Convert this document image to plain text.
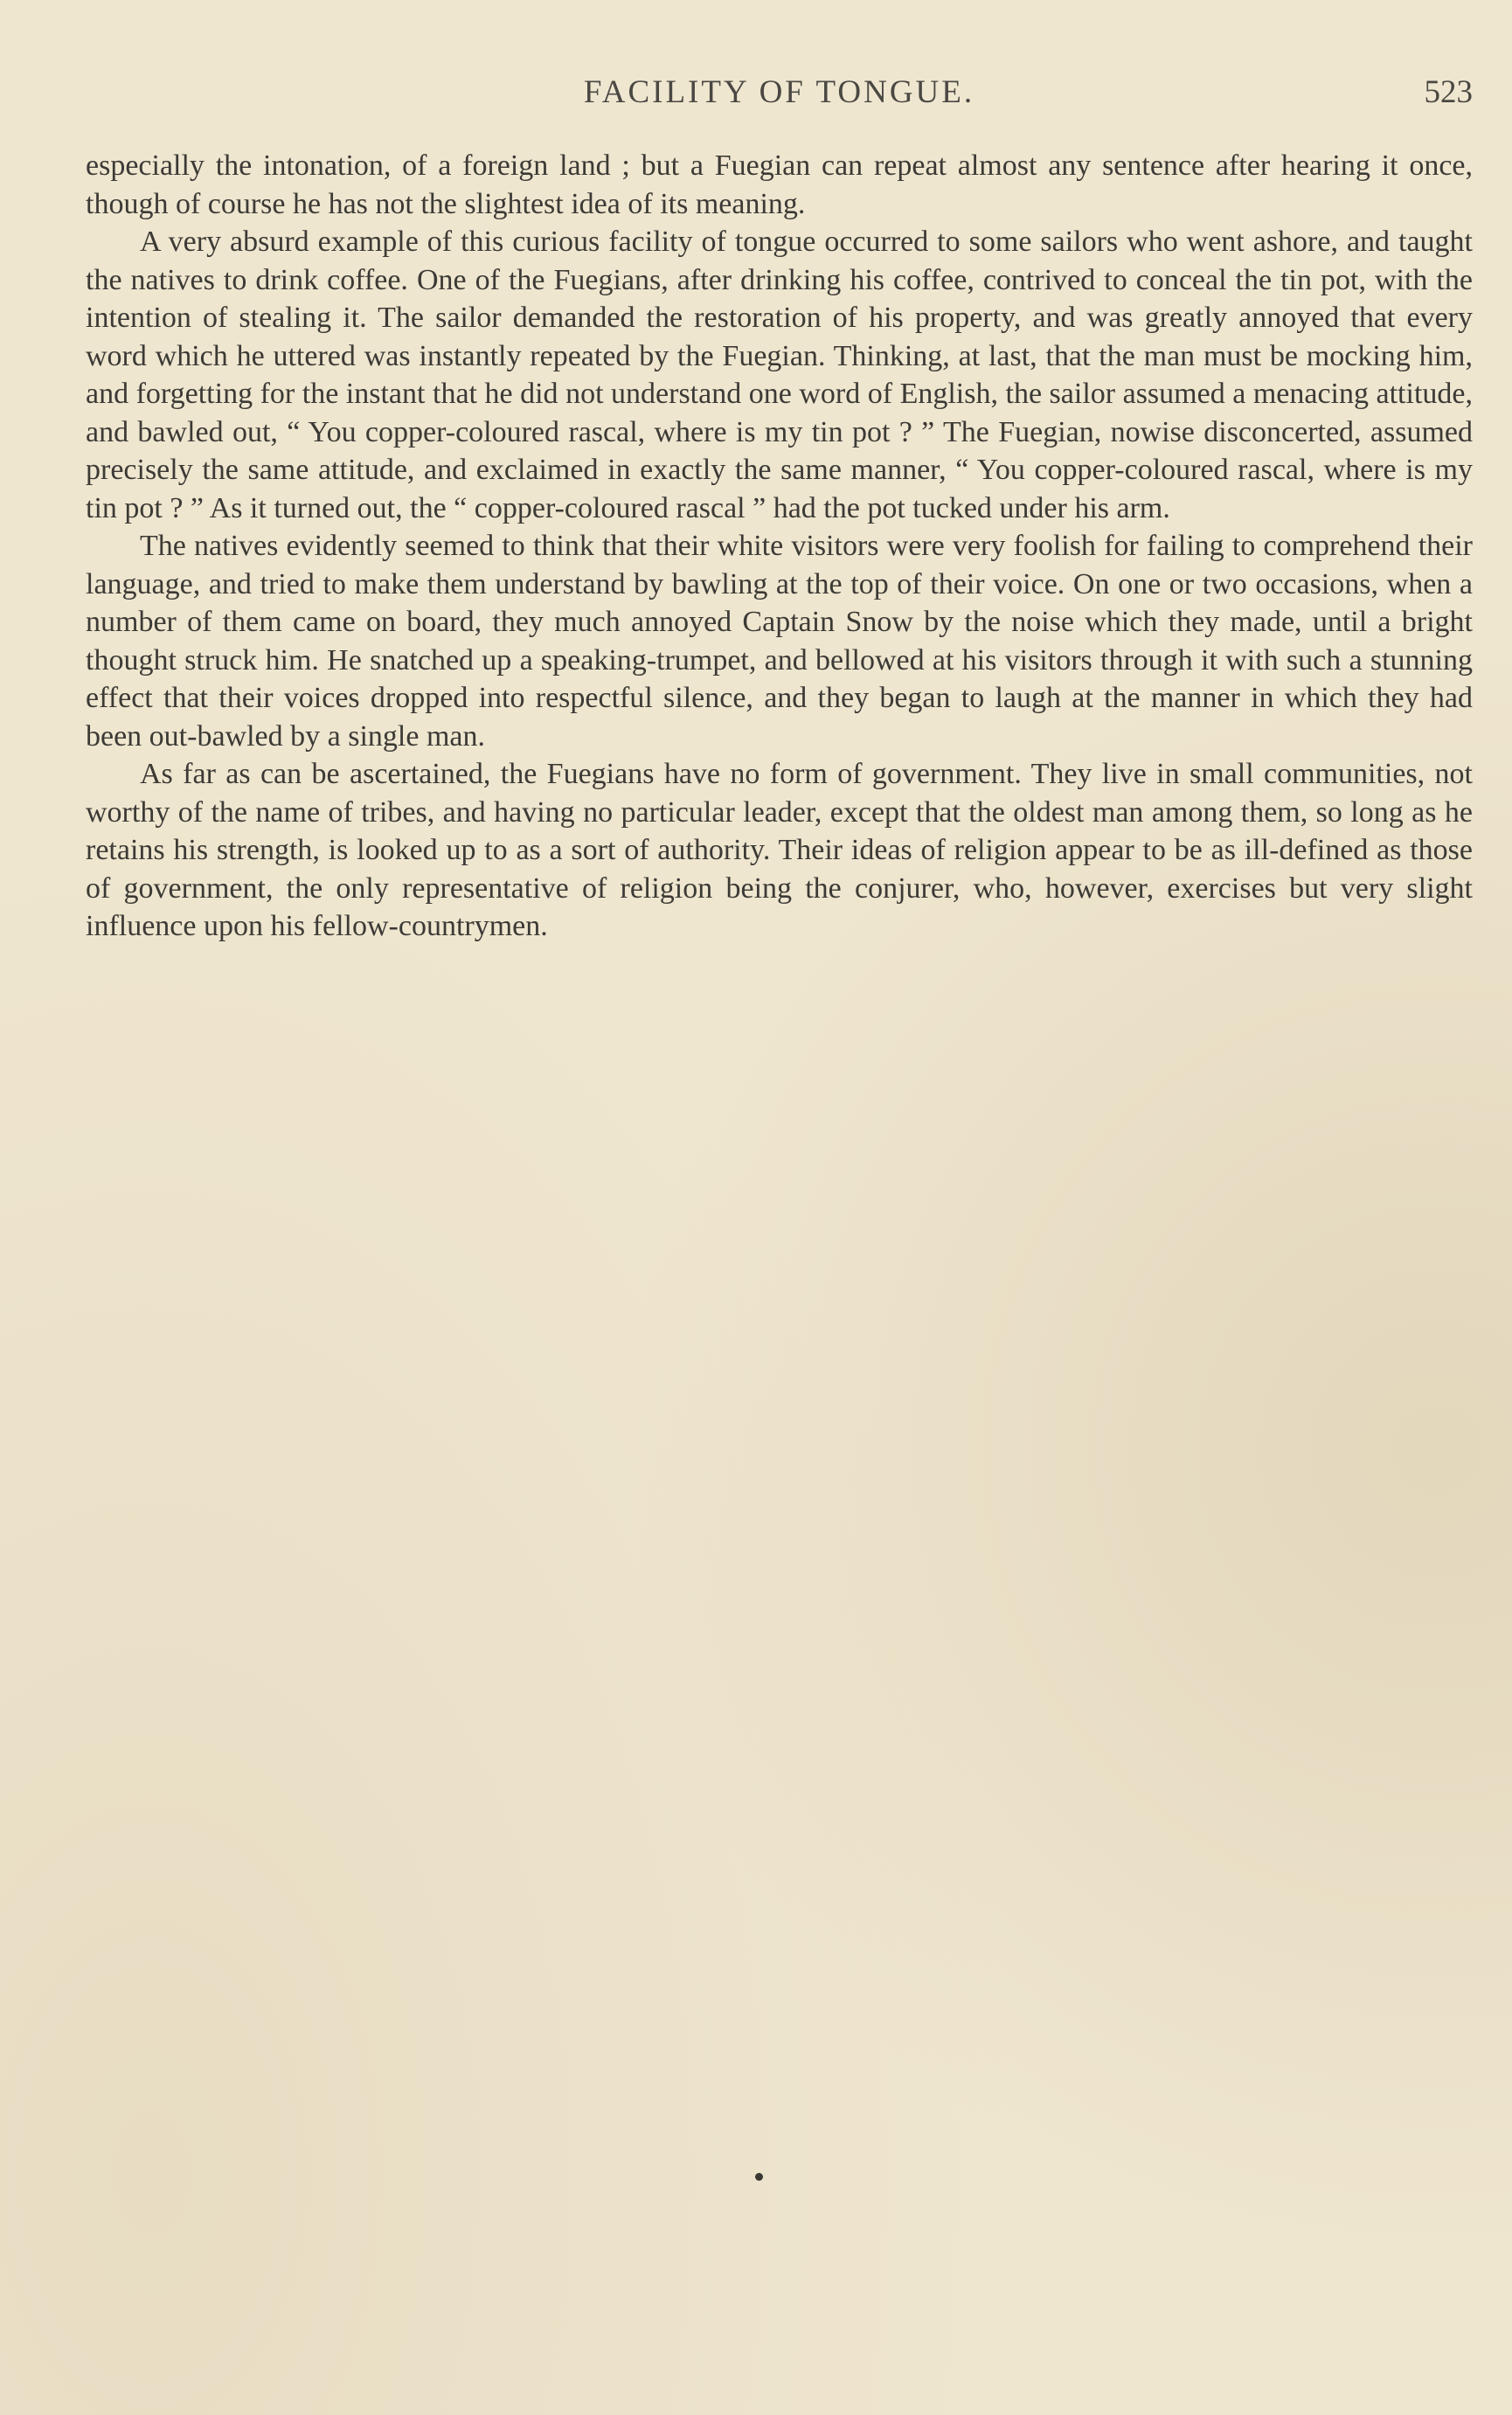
FACILITY OF TONGUE.	523

especially the intonation, of a foreign land ; but a Fuegian can repeat almost any sentence after hearing it once, though of course he has not the slightest idea of its meaning.

A very absurd example of this curious facility of tongue occurred to some sailors who went ashore, and taught the natives to drink coffee. One of the Fuegians, after drinking his coffee, contrived to conceal the tin pot, with the intention of stealing it. The sailor demanded the restoration of his property, and was greatly annoyed that every word which he uttered was instantly repeated by the Fuegian. Thinking, at last, that the man must be mocking him, and forgetting for the instant that he did not understand one word of English, the sailor assumed a menacing attitude, and bawled out, “ You copper-coloured rascal, where is my tin pot ? ” The Fuegian, nowise disconcerted, assumed precisely the same attitude, and exclaimed in exactly the same manner, “ You copper-coloured rascal, where is my tin pot ? ” As it turned out, the “ copper-coloured rascal ” had the pot tucked under his arm.

The natives evidently seemed to think that their white visitors were very foolish for failing to comprehend their language, and tried to make them understand by bawling at the top of their voice. On one or two occasions, when a number of them came on board, they much annoyed Captain Snow by the noise which they made, until a bright thought struck him. He snatched up a speaking-trumpet, and bellowed at his visitors through it with such a stunning effect that their voices dropped into respectful silence, and they began to laugh at the manner in which they had been out-bawled by a single man.

As far as can be ascertained, the Fuegians have no form of government. They live in small communities, not worthy of the name of tribes, and having no particular leader, except that the oldest man among them, so long as he retains his strength, is looked up to as a sort of authority. Their ideas of religion appear to be as ill-defined as those of government, the only representative of religion being the conjurer, who, however, exercises but very slight influence upon his fellow-countrymen.
